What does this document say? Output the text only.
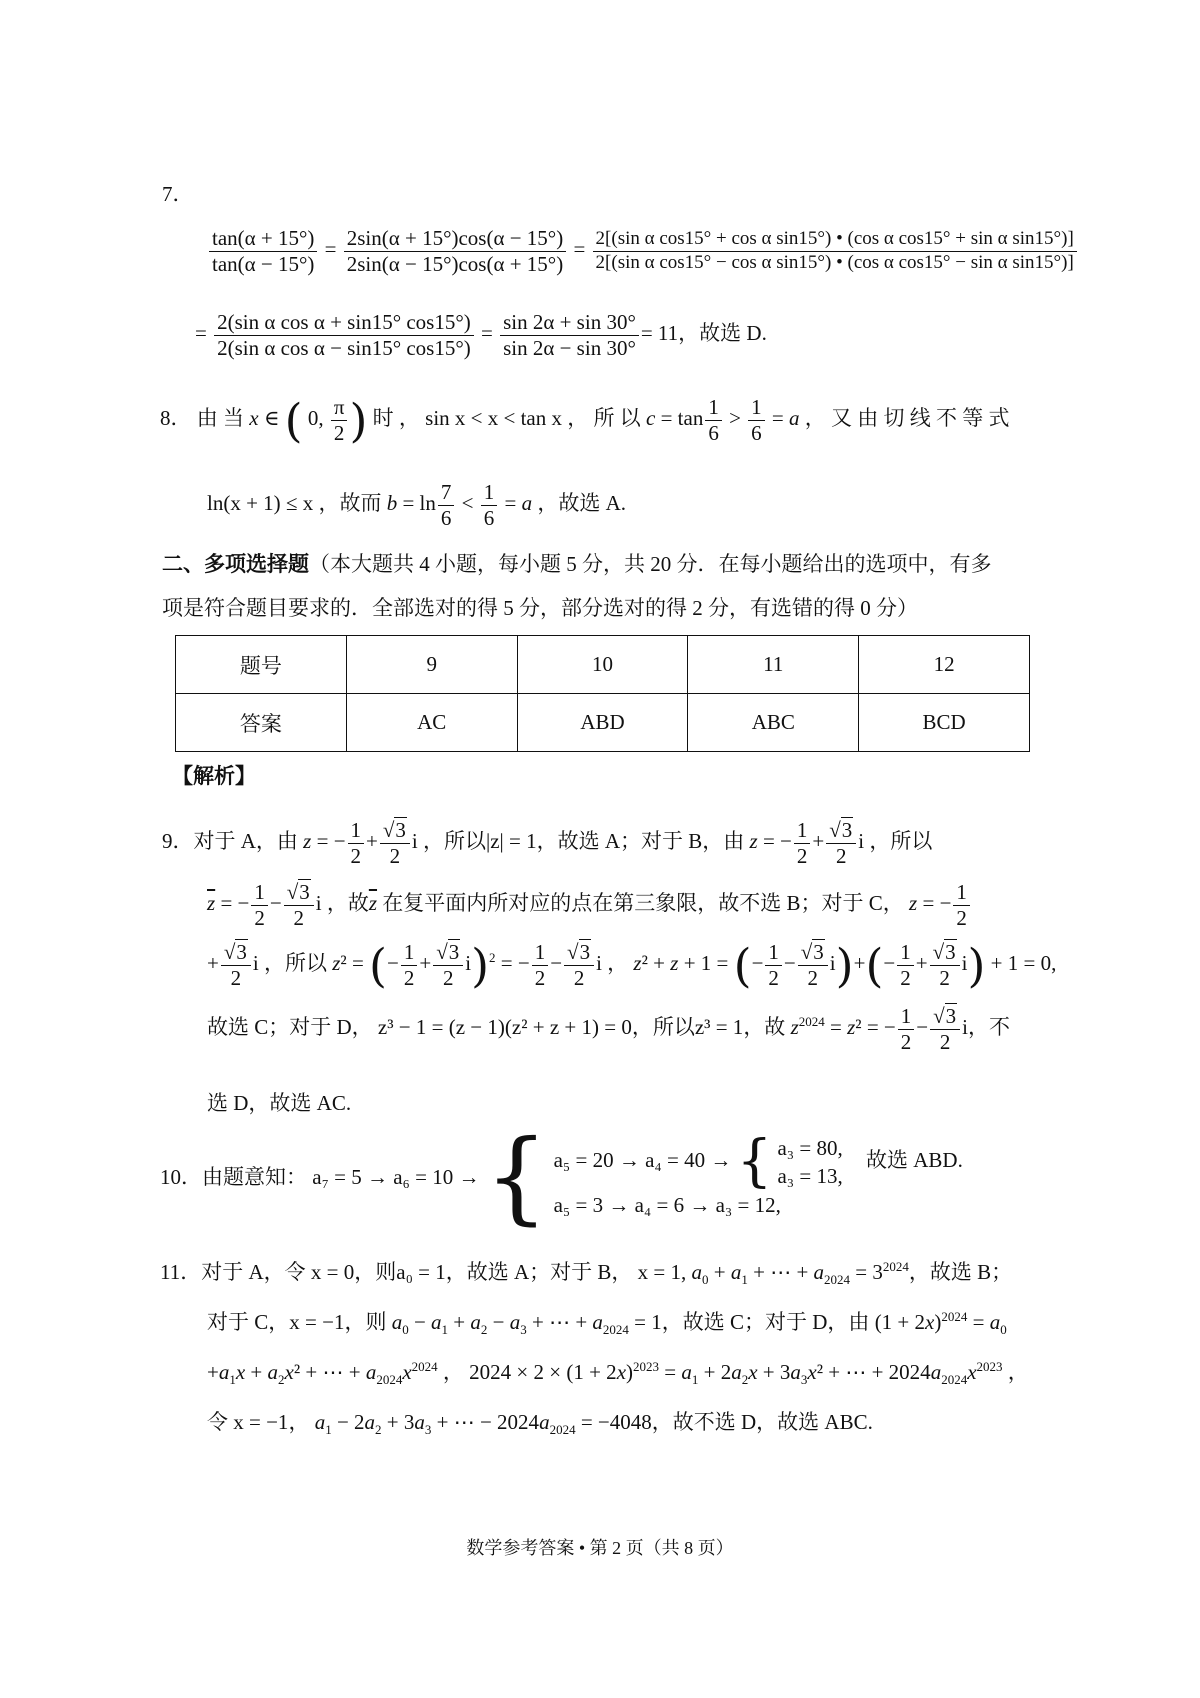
7．
$\frac{\tan(\alpha + 15^\circ)}{\tan(\alpha - 15^\circ)} = \frac{2\sin(\alpha + 15^\circ)\cos(\alpha - 15^\circ)}{2\sin(\alpha - 15^\circ)\cos(\alpha + 15^\circ)} = 2[(\sin$ α cos15° + cos α sin15°) • (cos α cos15° + sin α sin15°)]
2[(sin α cos15° − cos α sin15°) • (cos α cos15° − sin α sin15°)]
= $\frac{\text{2(sin α cos α + sin15° cos15°)}}{\text{2(sin α cos α − sin15° cos15°)}} = \frac{\sin 2\alpha + \sin 30^\circ}{\sin 2\alpha - \sin 30^\circ} = 11$，故选 D.
8． 由 当 x ∈ ( 0, $\frac{\pi}{2}$ ) 时 ， sin x < x < tan x ， 所 以 $c = \tan \frac{1}{6} > \frac{1}{6} = a$ ， 又 由 切 线 不 等 式
ln(x + 1) ≤ x ，故而 $b = \ln \frac{7}{6} < \frac{1}{6} = a$ ，故选 A.
二、多项选择题（本大题共 4 小题，每小题 5 分，共 20 分．在每小题给出的选项中，有多
项是符合题目要求的．全部选对的得 5 分，部分选对的得 2 分，有选错的得 0 分）
题号	9	10	11	12
答案	AC	ABD	ABC	BCD
【解析】
9．对于 A，由 z = − $\frac{1}{2} + \frac{√3}{2}$ i ，所以|z| = 1，故选 A；对于 B，由 z = − $\frac{1}{2} + \frac{√3}{2}$ i ，所以
$\overline{z}$ = − $\frac{1}{2} - \frac{√3}{2}$ i ，故$\overline{z}$ 在复平面内所对应的点在第三象限，故不选 B；对于 C， z = − $\frac{1}{2}$
+ $\frac{√3}{2}$ i ，所以 z² = (− $\frac{1}{2} + \frac{√3}{2} i)^2$ = − $\frac{1}{2} - \frac{√3}{2}$ i ， z² + z + 1 = (− $\frac{1}{2} - \frac{√3}{2} i)+(- \frac{1}{2} + \frac{√3}{2} i) + 1 = 0$,
故选 C；对于 D， z³ − 1 = (z − 1)(z² + z + 1) = 0，所以z³ = 1，故 $z^{2024} = z^2$ = − $\frac{1}{2} - \frac{√3}{2}$ i，不
选 D，故选 AC.
10．由题意知： a₇ = 5 → a₆ = 10 → { a₅ = 20 → a₄ = 40 → { a₃ = 80,
a₃ = 13,
故选 ABD.
a₅ = 3 → a₄ = 6 → a₃ = 12,
11．对于 A，令 x = 0，则a₀ = 1，故选 A；对于 B， x = 1, $a_0 + a_1$ + ⋯ + $a_{2024} = 3^{2024}$，故选 B；
对于 C，x = −1，则 $a_0 - a_1 + a_2 - a_3$ + ⋯ + $a_{2024} = 1$，故选 C；对于 D，由 $(1 + 2x)^{2024} = a_0$
$+a_1x + a_2x^2$ + ⋯ + $a_{2024}x^{2024}$ ， $2024 \times 2 \times (1 + 2x)^{2023} = a_1 + 2a_2x + 3a_3x^2$ + ⋯ + $2024a_{2024}x^{2023}$ ，
令 x = −1， $a_1 - 2a_2 + 3a_3$ + ⋯ − $2024a_{2024} = -4048$，故不选 D，故选 ABC.
数学参考答案 • 第 2 页（共 8 页）
